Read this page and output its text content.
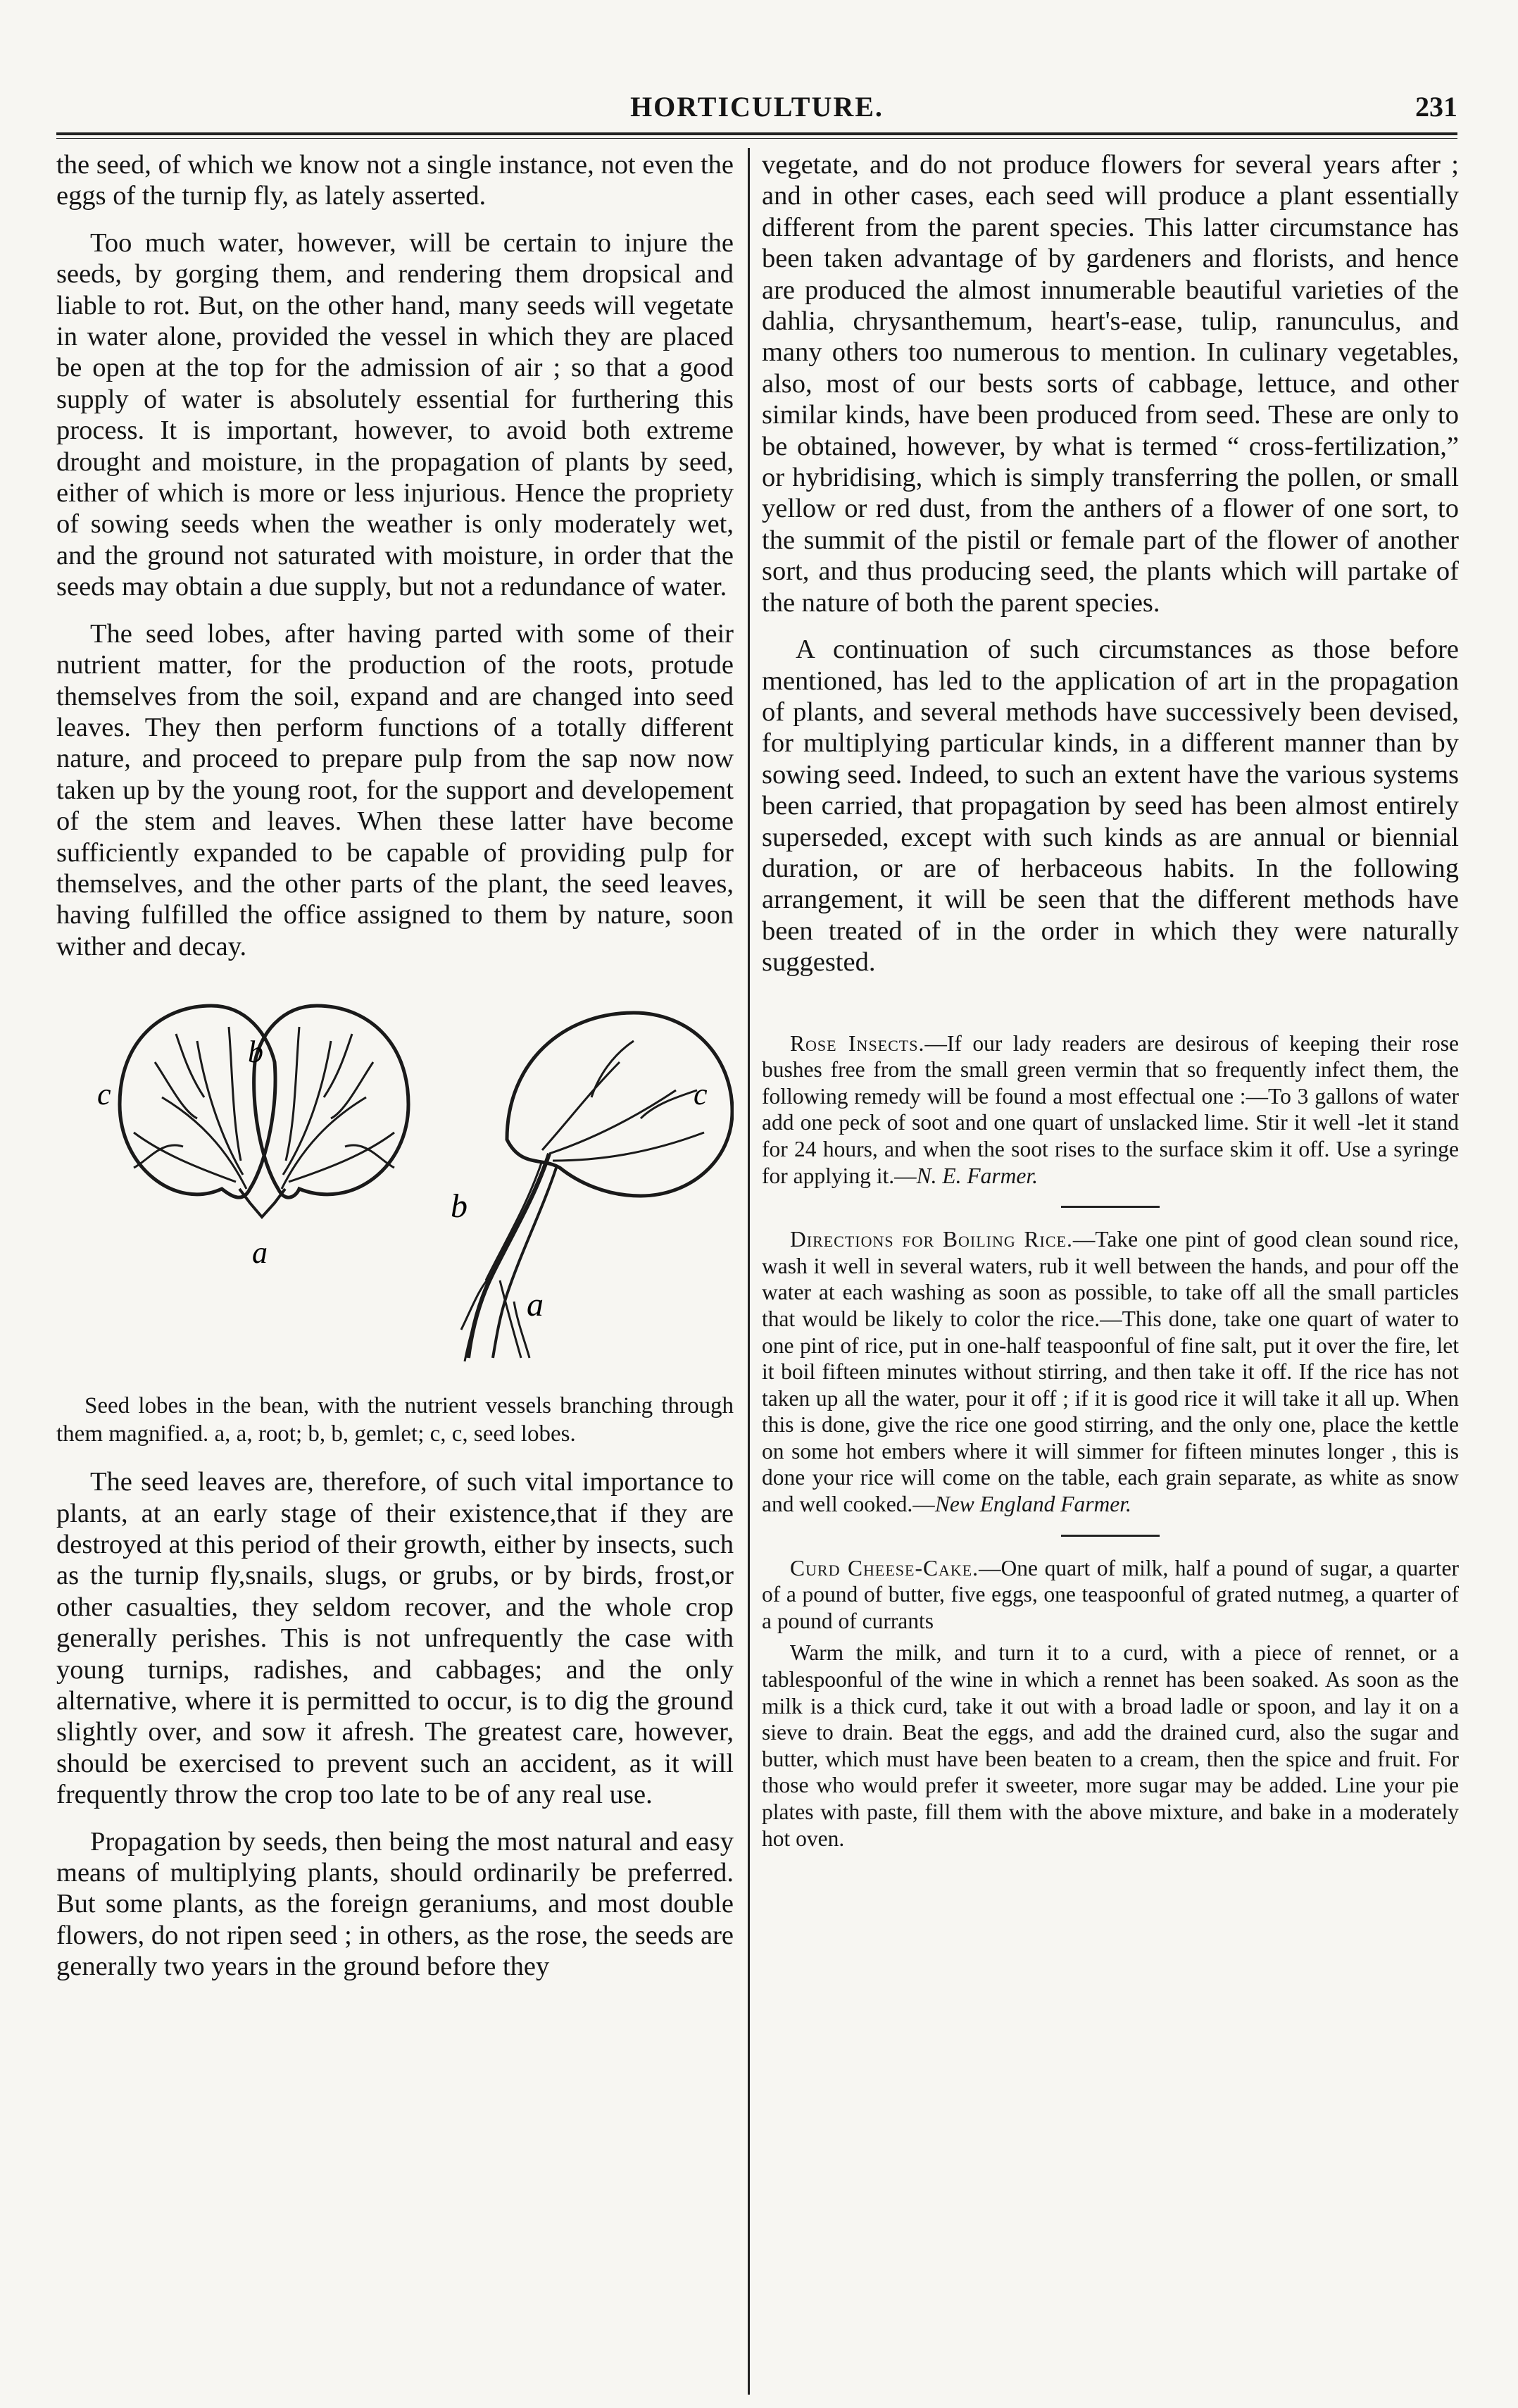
HORTICULTURE.	231

the seed, of which we know not a single instance, not even the eggs of the turnip fly, as lately asserted.

Too much water, however, will be certain to injure the seeds, by gorging them, and rendering them dropsical and liable to rot. But, on the other hand, many seeds will vegetate in water alone, provided the vessel in which they are placed be open at the top for the admission of air ; so that a good supply of water is absolutely essential for furthering this process. It is important, however, to avoid both extreme drought and moisture, in the propagation of plants by seed, either of which is more or less injurious. Hence the propriety of sowing seeds when the weather is only moderately wet, and the ground not saturated with moisture, in order that the seeds may obtain a due supply, but not a redundance of water.

The seed lobes, after having parted with some of their nutrient matter, for the production of the roots, protude themselves from the soil, expand and are changed into seed leaves. They then perform functions of a totally different nature, and proceed to prepare pulp from the sap now now taken up by the young root, for the support and developement of the stem and leaves. When these latter have become sufficiently expanded to be capable of providing pulp for themselves, and the other parts of the plant, the seed leaves, having fulfilled the office assigned to them by nature, soon wither and decay.

c
b
a
b
c
a

Seed lobes in the bean, with the nutrient vessels branching through them magnified. a, a, root; b, b, gemlet; c, c, seed lobes.

The seed leaves are, therefore, of such vital importance to plants, at an early stage of their existence,that if they are destroyed at this period of their growth, either by insects, such as the turnip fly,snails, slugs, or grubs, or by birds, frost,or other casualties, they seldom recover, and the whole crop generally perishes. This is not unfrequently the case with young turnips, radishes, and cabbages; and the only alternative, where it is permitted to occur, is to dig the ground slightly over, and sow it afresh. The greatest care, however, should be exercised to prevent such an accident, as it will frequently throw the crop too late to be of any real use.

Propagation by seeds, then being the most natural and easy means of multiplying plants, should ordinarily be preferred. But some plants, as the foreign geraniums, and most double flowers, do not ripen seed ; in others, as the rose, the seeds are generally two years in the ground before they

vegetate, and do not produce flowers for several years after ; and in other cases, each seed will produce a plant essentially different from the parent species. This latter circumstance has been taken advantage of by gardeners and florists, and hence are produced the almost innumerable beautiful varieties of the dahlia, chrysanthemum, heart's-ease, tulip, ranunculus, and many others too numerous to mention. In culinary vegetables, also, most of our bests sorts of cabbage, lettuce, and other similar kinds, have been produced from seed. These are only to be obtained, however, by what is termed “ cross-fertilization,” or hybridising, which is simply transferring the pollen, or small yellow or red dust, from the anthers of a flower of one sort, to the summit of the pistil or female part of the flower of another sort, and thus producing seed, the plants which will partake of the nature of both the parent species.

A continuation of such circumstances as those before mentioned, has led to the application of art in the propagation of plants, and several methods have successively been devised, for multiplying particular kinds, in a different manner than by sowing seed. Indeed, to such an extent have the various systems been carried, that propagation by seed has been almost entirely superseded, except with such kinds as are annual or biennial duration, or are of herbaceous habits. In the following arrangement, it will be seen that the different methods have been treated of in the order in which they were naturally suggested.

Rose Insects.—If our lady readers are desirous of keeping their rose bushes free from the small green vermin that so frequently infect them, the following remedy will be found a most effectual one :—To 3 gallons of water add one peck of soot and one quart of unslacked lime. Stir it well -let it stand for 24 hours, and when the soot rises to the surface skim it off. Use a syringe for applying it.—N. E. Farmer.

Directions for Boiling Rice.—Take one pint of good clean sound rice, wash it well in several waters, rub it well between the hands, and pour off the water at each washing as soon as possible, to take off all the small particles that would be likely to color the rice.—This done, take one quart of water to one pint of rice, put in one-half teaspoonful of fine salt, put it over the fire, let it boil fifteen minutes without stirring, and then take it off. If the rice has not taken up all the water, pour it off ; if it is good rice it will take it all up. When this is done, give the rice one good stirring, and the only one, place the kettle on some hot embers where it will simmer for fifteen minutes longer , this is done your rice will come on the table, each grain separate, as white as snow and well cooked.—New England Farmer.

Curd Cheese-Cake.—One quart of milk, half a pound of sugar, a quarter of a pound of butter, five eggs, one teaspoonful of grated nutmeg, a quarter of a pound of currants

Warm the milk, and turn it to a curd, with a piece of rennet, or a tablespoonful of the wine in which a rennet has been soaked. As soon as the milk is a thick curd, take it out with a broad ladle or spoon, and lay it on a sieve to drain. Beat the eggs, and add the drained curd, also the sugar and butter, which must have been beaten to a cream, then the spice and fruit. For those who would prefer it sweeter, more sugar may be added. Line your pie plates with paste, fill them with the above mixture, and bake in a moderately hot oven.
